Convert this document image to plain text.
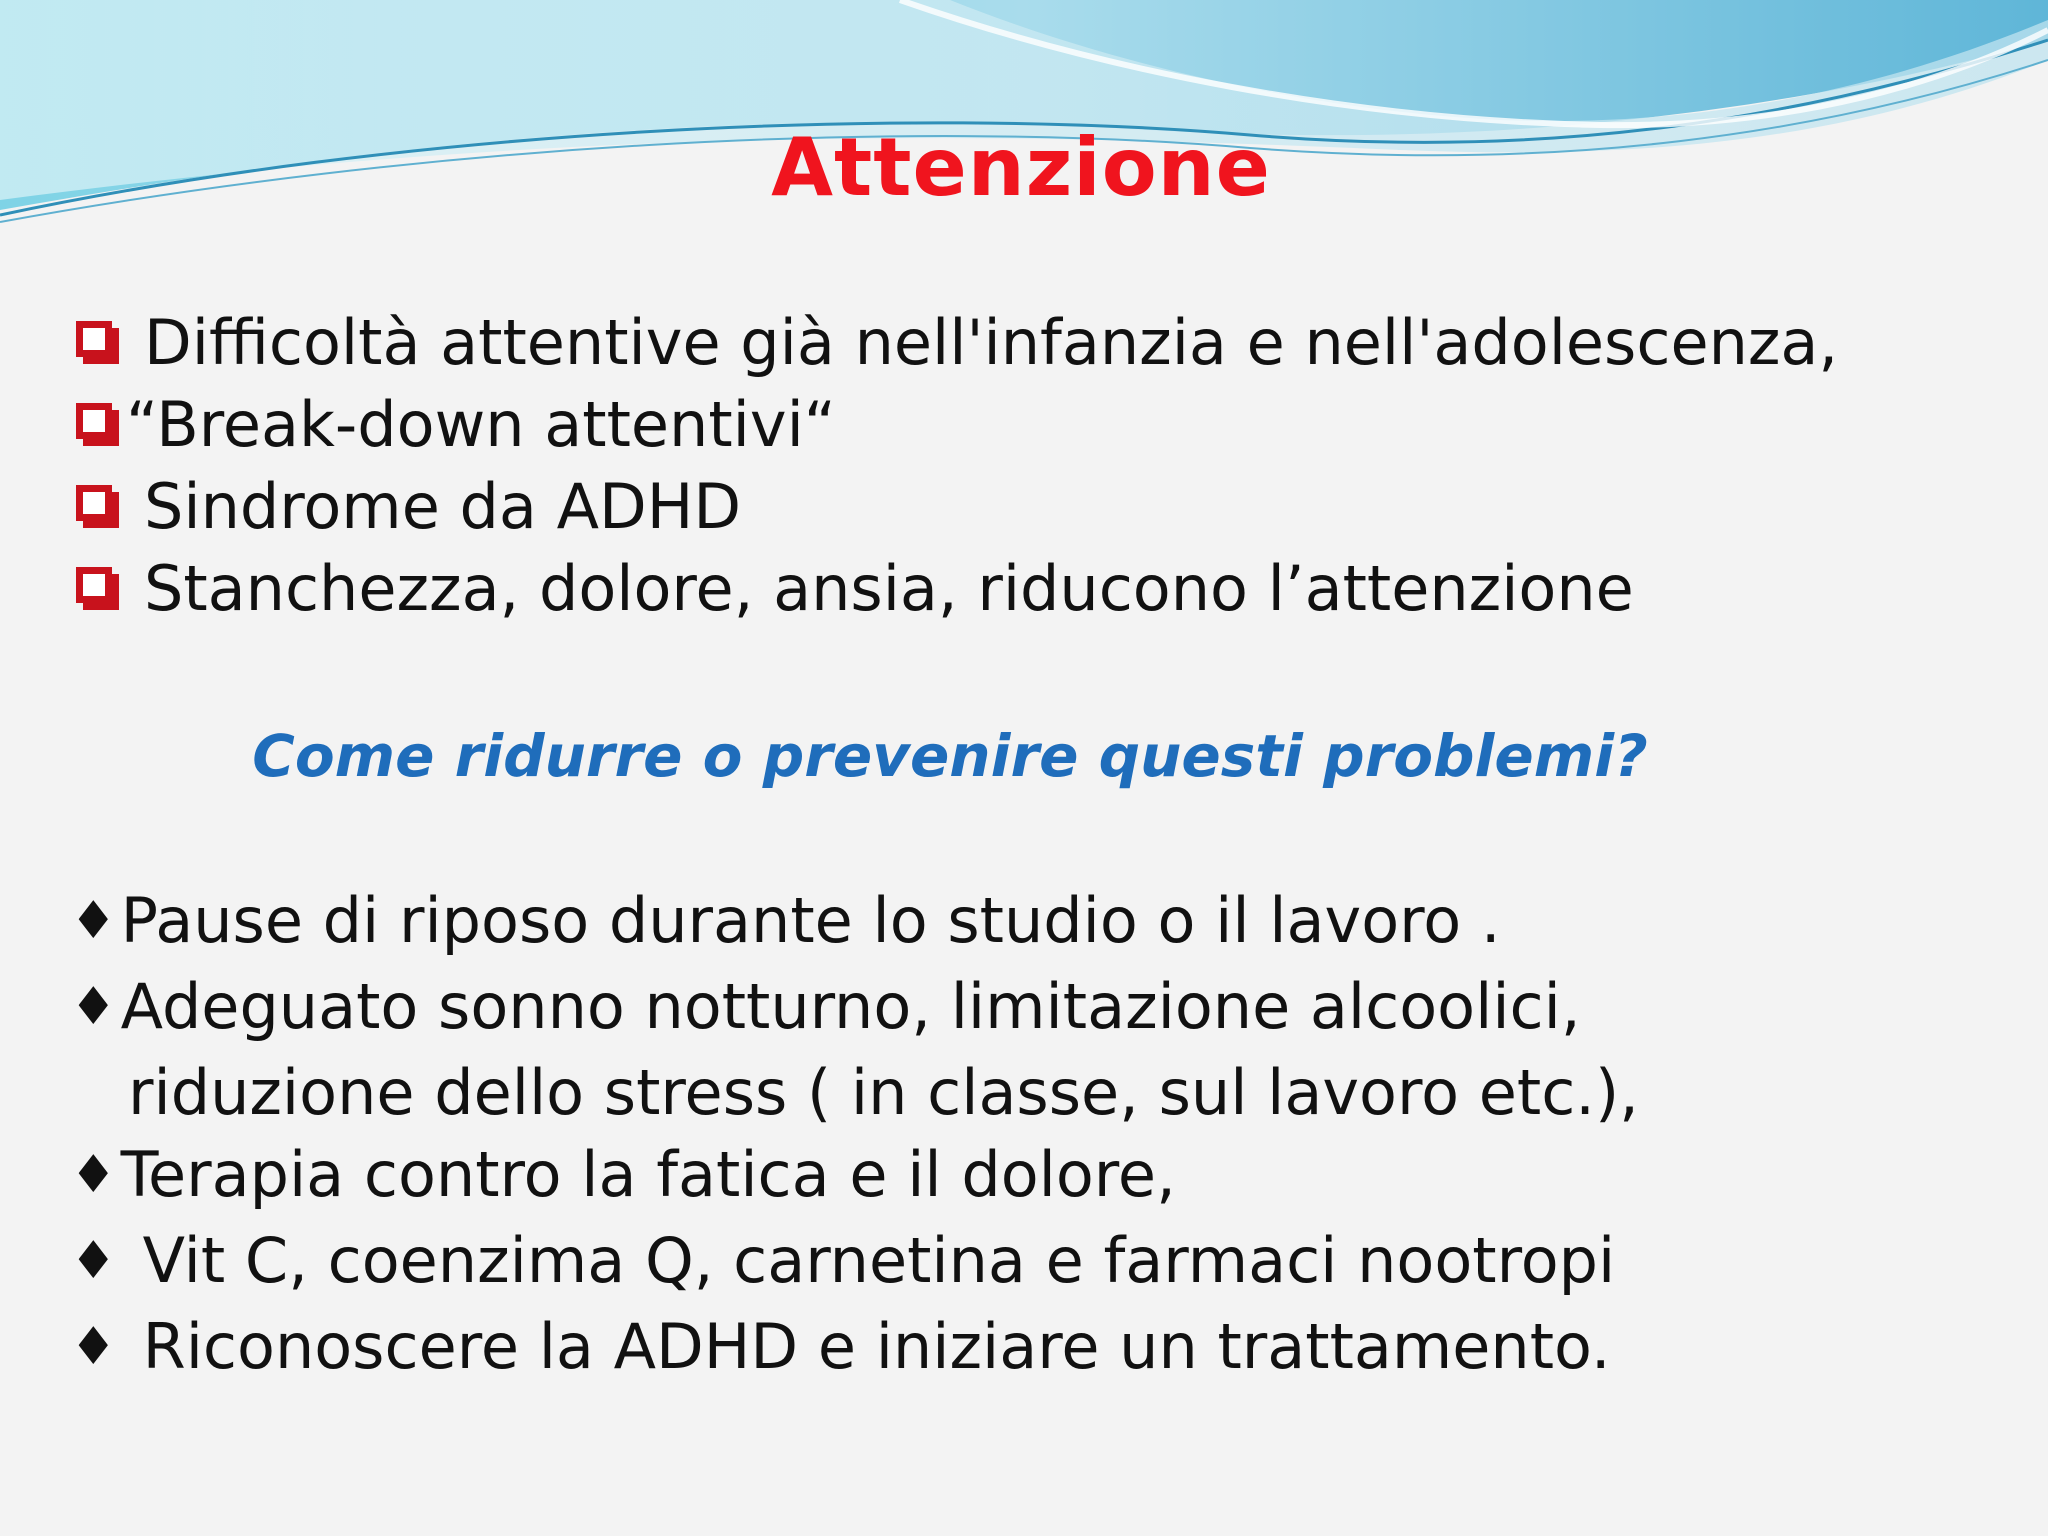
Attenzione
Difficoltà attentive già nell'infanzia e nell'adolescenza,
“Break-down attentivi“
Sindrome da ADHD
Stanchezza, dolore, ansia, riducono l’attenzione
Come ridurre o prevenire questi problemi?
♦Pause di riposo durante lo studio o il lavoro .
♦Adeguato sonno notturno, limitazione alcoolici,
riduzione dello stress ( in classe, sul lavoro etc.),
♦Terapia contro la fatica e il dolore,
♦ Vit C, coenzima Q, carnetina e farmaci nootropi
♦ Riconoscere la ADHD e iniziare un trattamento.
